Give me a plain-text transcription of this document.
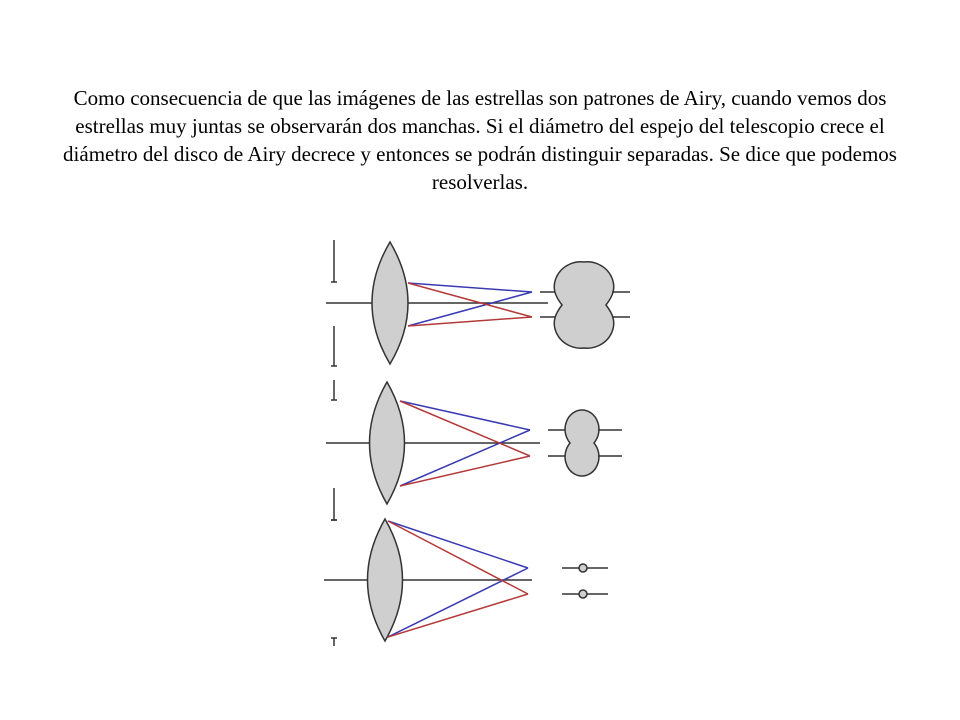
Como consecuencia de que las imágenes de las estrellas son patrones de Airy, cuando vemos dos estrellas muy juntas se observarán dos manchas. Si el diámetro del espejo del telescopio crece el diámetro del disco de Airy decrece y entonces se podrán distinguir separadas. Se dice que podemos resolverlas.
